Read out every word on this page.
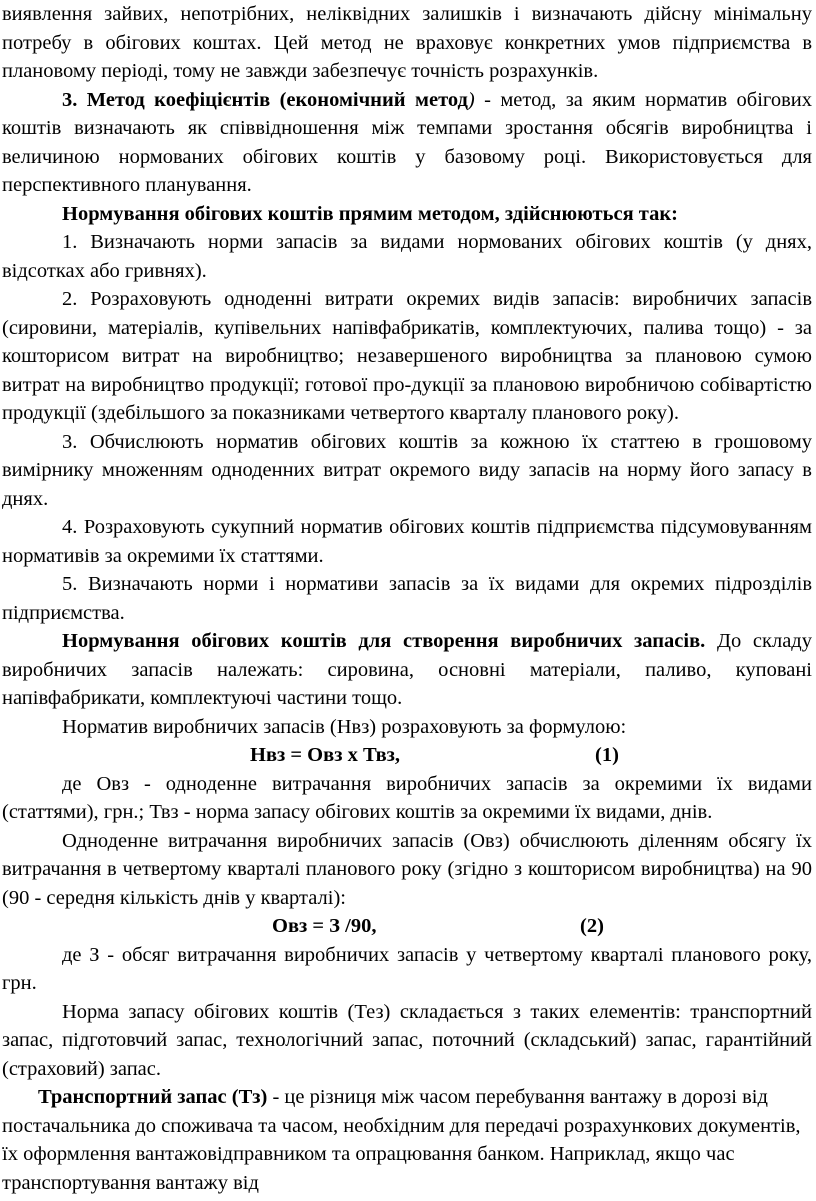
виявлення зайвих, непотрібних, неліквідних залишків і визначають дійсну мінімальну потребу в обігових коштах. Цей метод не враховує конкретних умов підприємства в плановому періоді, тому не завжди забезпечує точність розрахунків.

3. Метод коефіцієнтів (економічний метод) - метод, за яким норматив обігових коштів визначають як співвідношення між темпами зростання обсягів виробництва і величиною нормованих обігових коштів у базовому році. Використовується для перспективного планування.

Нормування обігових коштів прямим методом, здійснюються так:

1. Визначають норми запасів за видами нормованих обігових коштів (у днях, відсотках або гривнях).

2. Розраховують одноденні витрати окремих видів запасів: виробничих запасів (сировини, матеріалів, купівельних напівфабрикатів, комплектуючих, палива тощо) - за кошторисом витрат на виробництво; незавершеного виробництва за плановою сумою витрат на виробництво продукції; готової про-дукції за плановою виробничою собівартістю продукції (здебільшого за показниками четвертого кварталу планового року).

3. Обчислюють норматив обігових коштів за кожною їх статтею в грошовому вимірнику множенням одноденних витрат окремого виду запасів на норму його запасу в днях.

4. Розраховують сукупний норматив обігових коштів підприємства підсумовуванням нормативів за окремими їх статтями.

5. Визначають норми і нормативи запасів за їх видами для окремих підрозділів підприємства.

Нормування обігових коштів для створення виробничих запасів. До складу виробничих запасів належать: сировина, основні матеріали, паливо, куповані напівфабрикати, комплектуючі частини тощо.

Норматив виробничих запасів (Нвз) розраховують за формулою:

Нвз = Овз х Твз,	(1)

де Овз - одноденне витрачання виробничих запасів за окремими їх видами (статтями), грн.; Твз - норма запасу обігових коштів за окремими їх видами, днів.

Одноденне витрачання виробничих запасів (Овз) обчислюють діленням обсягу їх витрачання в четвертому кварталі планового року (згідно з кошторисом виробництва) на 90 (90 - середня кількість днів у кварталі):

Овз = З /90,	(2)

де З - обсяг витрачання виробничих запасів у четвертому кварталі планового року, грн.

Норма запасу обігових коштів (Тез) складається з таких елементів: транспортний запас, підготовчий запас, технологічний запас, поточний (складський) запас, гарантійний (страховий) запас.

Транспортний запас (Тз) - це різниця між часом перебування вантажу в дорозі від постачальника до споживача та часом, необхідним для передачі розрахункових документів, їх оформлення вантажовідправником та опрацювання банком. Наприклад, якщо час транспортування вантажу від
